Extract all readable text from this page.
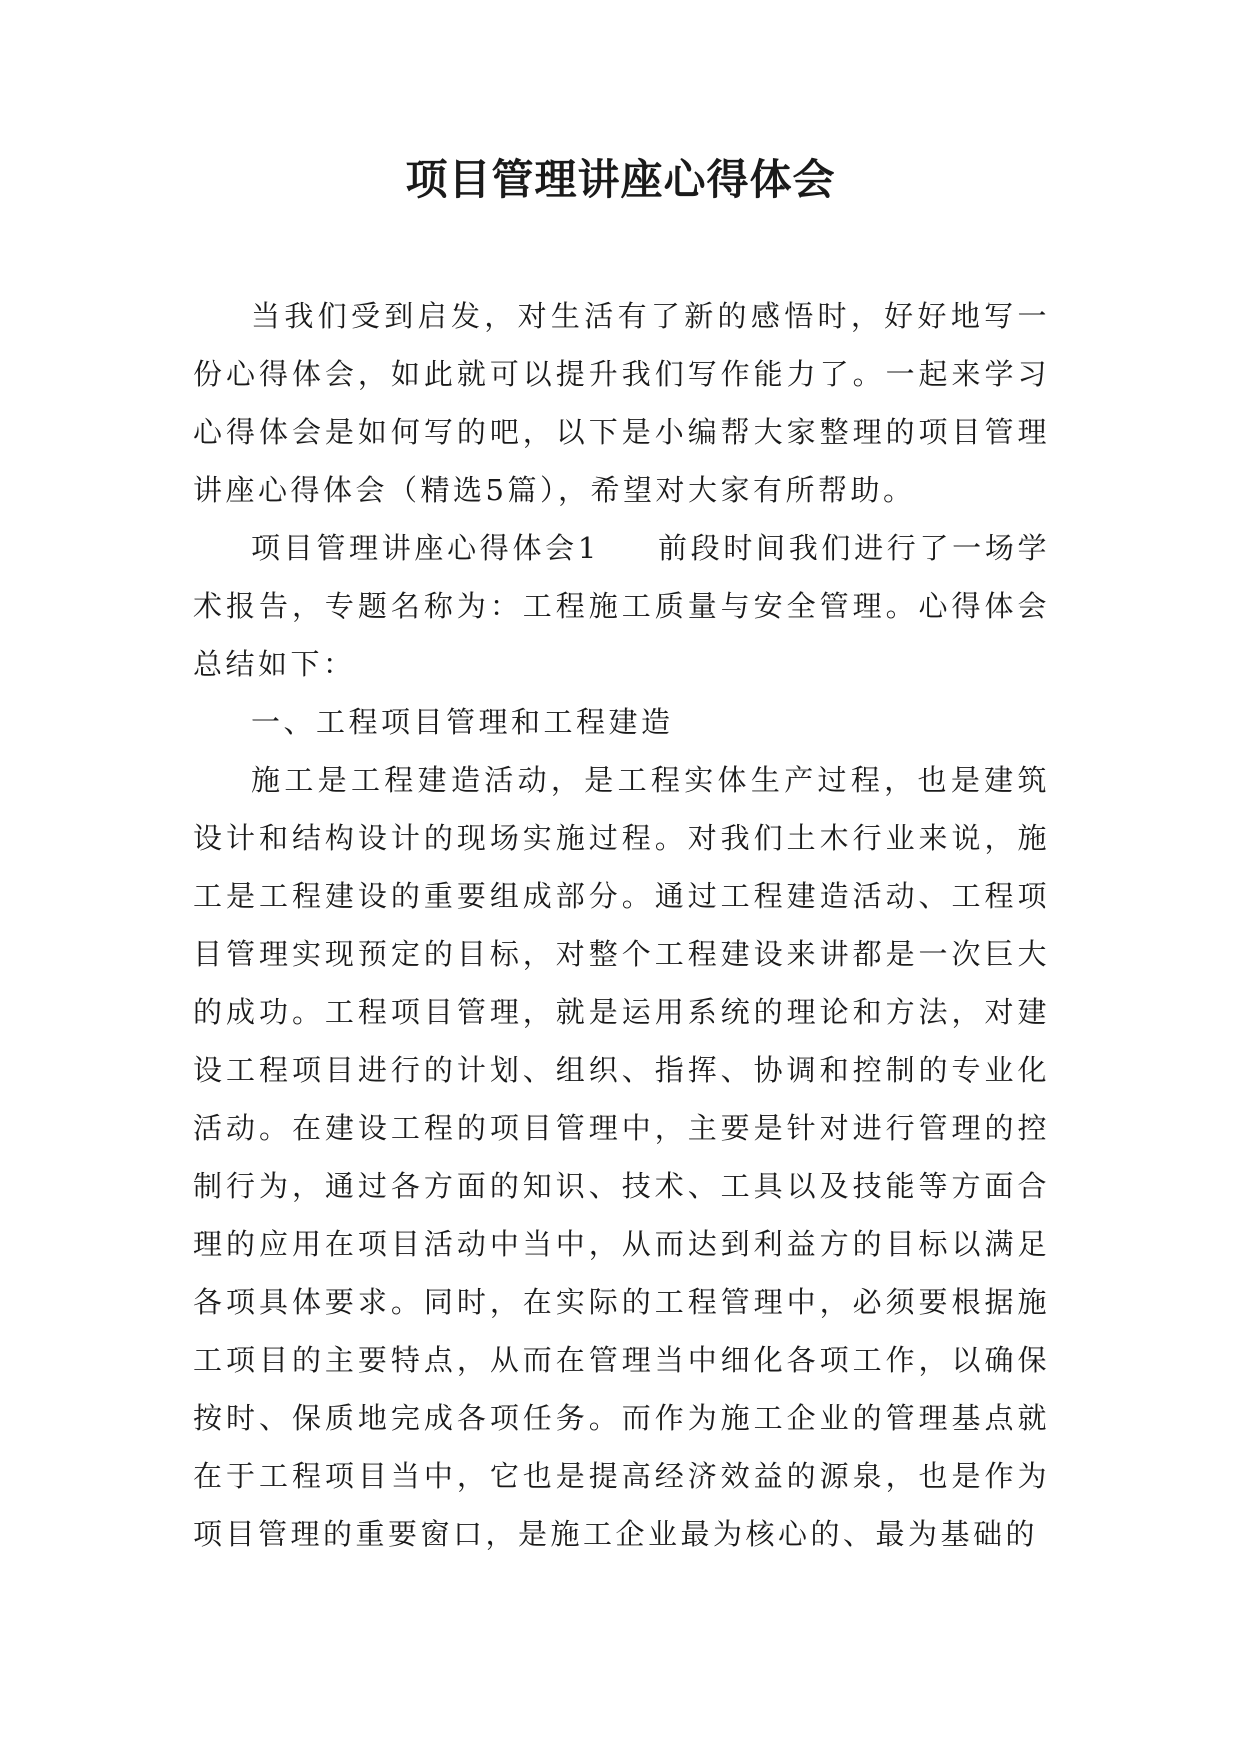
项目管理讲座心得体会

当我们受到启发，对生活有了新的感悟时，好好地写一份心得体会，如此就可以提升我们写作能力了。一起来学习心得体会是如何写的吧，以下是小编帮大家整理的项目管理讲座心得体会（精选5篇），希望对大家有所帮助。

项目管理讲座心得体会1 前段时间我们进行了一场学术报告，专题名称为：工程施工质量与安全管理。心得体会总结如下：

一、工程项目管理和工程建造

施工是工程建造活动，是工程实体生产过程，也是建筑设计和结构设计的现场实施过程。对我们土木行业来说，施工是工程建设的重要组成部分。通过工程建造活动、工程项目管理实现预定的目标，对整个工程建设来讲都是一次巨大的成功。工程项目管理，就是运用系统的理论和方法，对建设工程项目进行的计划、组织、指挥、协调和控制的专业化活动。在建设工程的项目管理中，主要是针对进行管理的控制行为，通过各方面的知识、技术、工具以及技能等方面合理的应用在项目活动中当中，从而达到利益方的目标以满足各项具体要求。同时，在实际的工程管理中，必须要根据施工项目的主要特点，从而在管理当中细化各项工作，以确保按时、保质地完成各项任务。而作为施工企业的管理基点就在于工程项目当中，它也是提高经济效益的源泉，也是作为项目管理的重要窗口，是施工企业最为核心的、最为基础的
